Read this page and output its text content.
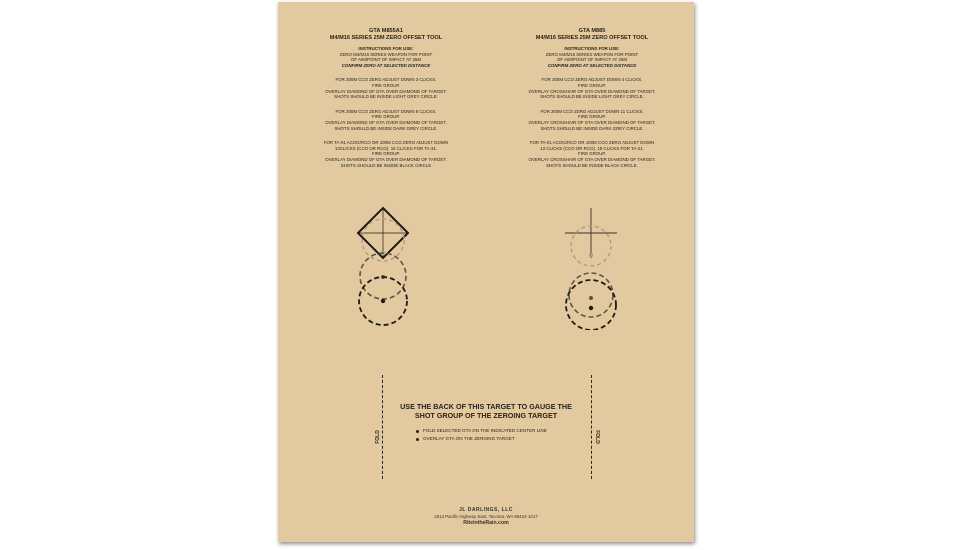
GTA M855A1
M4/M16 SERIES 25M ZERO OFFSET TOOL
INSTRUCTIONS FOR USE:
ZERO M4/M16 SERIES WEAPON FOR POINT
OF AIM/POINT OF IMPACT AT 25M
CONFIRM ZERO AT SELECTED DISTANCE
FOR 300M CCO ZERO ADJUST DOWN 3 CLICKS.
FIRE GROUP.
OVERLAY DIAMOND OF GTA OVER DIAMOND OF TARGET.
SHOTS SHOULD BE INSIDE LIGHT GREY CIRCLE.
FOR 200M CCO ZERO ADJUST DOWN 8 CLICKS.
FIRE GROUP.
OVERLAY DIAMOND OF GTA OVER DIAMOND OF TARGET.
SHOTS SHOULD BE INSIDE DARK GREY CIRCLE.
FOR TA-01 ACOG/RCO OR 100M CCO ZERO ADJUST DOWN
13CLICKS (CCO OR RCO), 16 CLICKS FOR TA-31.
FIRE GROUP.
OVERLAY DIAMOND OF GTA OVER DIAMOND OF TARGET.
SHOTS SHOULD BE INSIDE BLACK CIRCLE
GTA M885
M4/M16 SERIES 25M ZERO OFFSET TOOL
INSTRUCTIONS FOR USE:
ZERO M4/M16 SERIES WEAPON FOR POINT
OF AIM/POINT OF IMPACT AT 25M
CONFIRM ZERO AT SELECTED DISTANCE
FOR 300M CCO ZERO ADJUST DOWN 4 CLICKS.
FIRE GROUP.
OVERLAY CROSSHAIR OF GTA OVER DIAMOND OF TARGET.
SHOTS SHOULD BE INSIDE LIGHT GREY CIRCLE.
FOR 200M CCO ZERO ADJUST DOWN 11 CLICKS.
FIRE GROUP.
OVERLAY CROSSHAIR OF GTA OVER DIAMOND OF TARGET.
SHOTS SHOULD BE INSIDE DARK GREY CIRCLE.
FOR TA-01 ACOG/RCO OR 100M CCO ZERO ADJUST DOWN
13 CLICKS (CCO OR RCO), 19 CLICKS FOR TA-31.
FIRE GROUP.
OVERLAY CROSSHAIR OF GTA OVER DIAMOND OF TARGET.
SHOTS SHOULD BE INSIDE BLACK CIRCLE.
FOLD	FOLD
USE THE BACK OF THIS TARGET TO GAUGE THE
SHOT GROUP OF THE ZEROING TARGET
FOLD SELECTED GTA ON THE INDICATED CENTER LINE
OVERLAY GTA ON THE ZEROING TARGET
JL DARLINGS, LLC
2614 Pacific Highway East, Tacoma, WA 98424-1017
RiteintheRain.com
